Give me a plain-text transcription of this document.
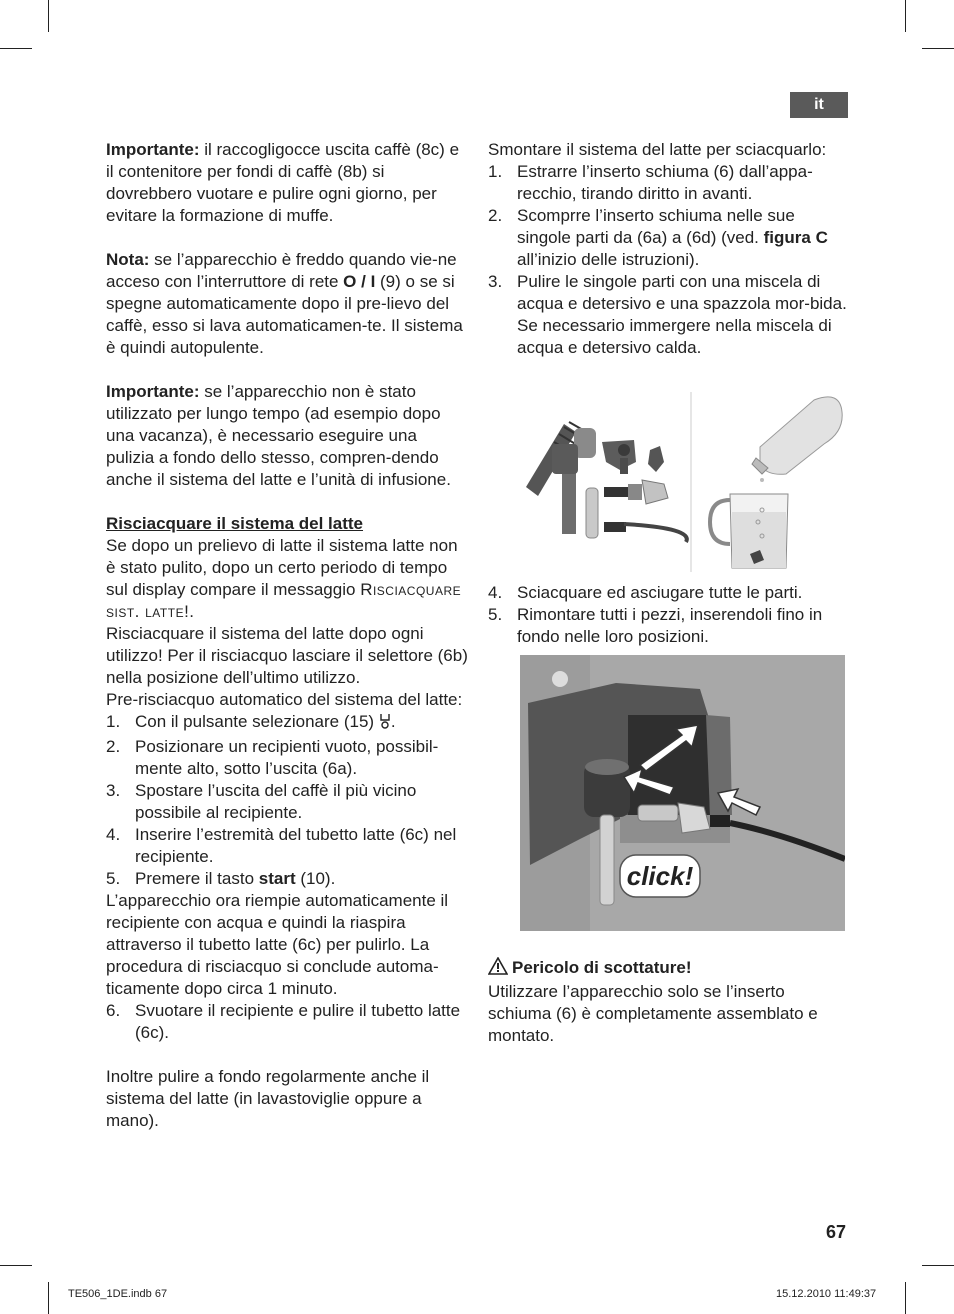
it

Importante: il raccogligocce uscita caffè (8c) e il contenitore per fondi di caffè (8b) si dovrebbero vuotare e pulire ogni giorno, per evitare la formazione di muffe.

Nota: se l’apparecchio è freddo quando vie-ne acceso con l’interruttore di rete O / I (9) o se si spegne automaticamente dopo il pre-lievo del caffè, esso si lava automaticamen-te. Il sistema è quindi autopulente.

Importante: se l’apparecchio non è stato utilizzato per lungo tempo (ad esempio dopo una vacanza), è necessario eseguire una pulizia a fondo dello stesso, compren-dendo anche il sistema del latte e l’unità di infusione.

Risciacquare il sistema del latte

Se dopo un prelievo di latte il sistema latte non è stato pulito, dopo un certo periodo di tempo sul display compare il messaggio Risciacquare sist. latte!.

Risciacquare il sistema del latte dopo ogni utilizzo! Per il risciacquo lasciare il selettore (6b) nella posizione dell’ultimo utilizzo.

Pre-risciacquo automatico del sistema del latte:

1. Con il pulsante selezionare (15) .
2. Posizionare un recipienti vuoto, possibil-mente alto, sotto l’uscita (6a).
3. Spostare l’uscita del caffè il più vicino possibile al recipiente.
4. Inserire l’estremità del tubetto latte (6c) nel recipiente.
5. Premere il tasto start (10).

L’apparecchio ora riempie automaticamente il recipiente con acqua e quindi la riaspira attraverso il tubetto latte (6c) per pulirlo. La procedura di risciacquo si conclude automa-ticamente dopo circa 1 minuto.

6. Svuotare il recipiente e pulire il tubetto latte (6c).

Inoltre pulire a fondo regolarmente anche il sistema del latte (in lavastoviglie oppure a mano).

Smontare il sistema del latte per sciacquarlo:

1. Estrarre l’inserto schiuma (6) dall’appa-recchio, tirando diritto in avanti.
2. Scomprre l’inserto schiuma nelle sue singole parti da (6a) a (6d) (ved. figura C all’inizio delle istruzioni).
3. Pulire le singole parti con una miscela di acqua e detersivo e una spazzola mor-bida. Se necessario immergere nella miscela di acqua e detersivo calda.
4. Sciacquare ed asciugare tutte le parti.
5. Rimontare tutti i pezzi, inserendoli fino in fondo nelle loro posizioni.
click!

Pericolo di scottature!

Utilizzare l’apparecchio solo se l’inserto schiuma (6) è completamente assemblato e montato.

67
TE506_1DE.indb 67	15.12.2010 11:49:37
